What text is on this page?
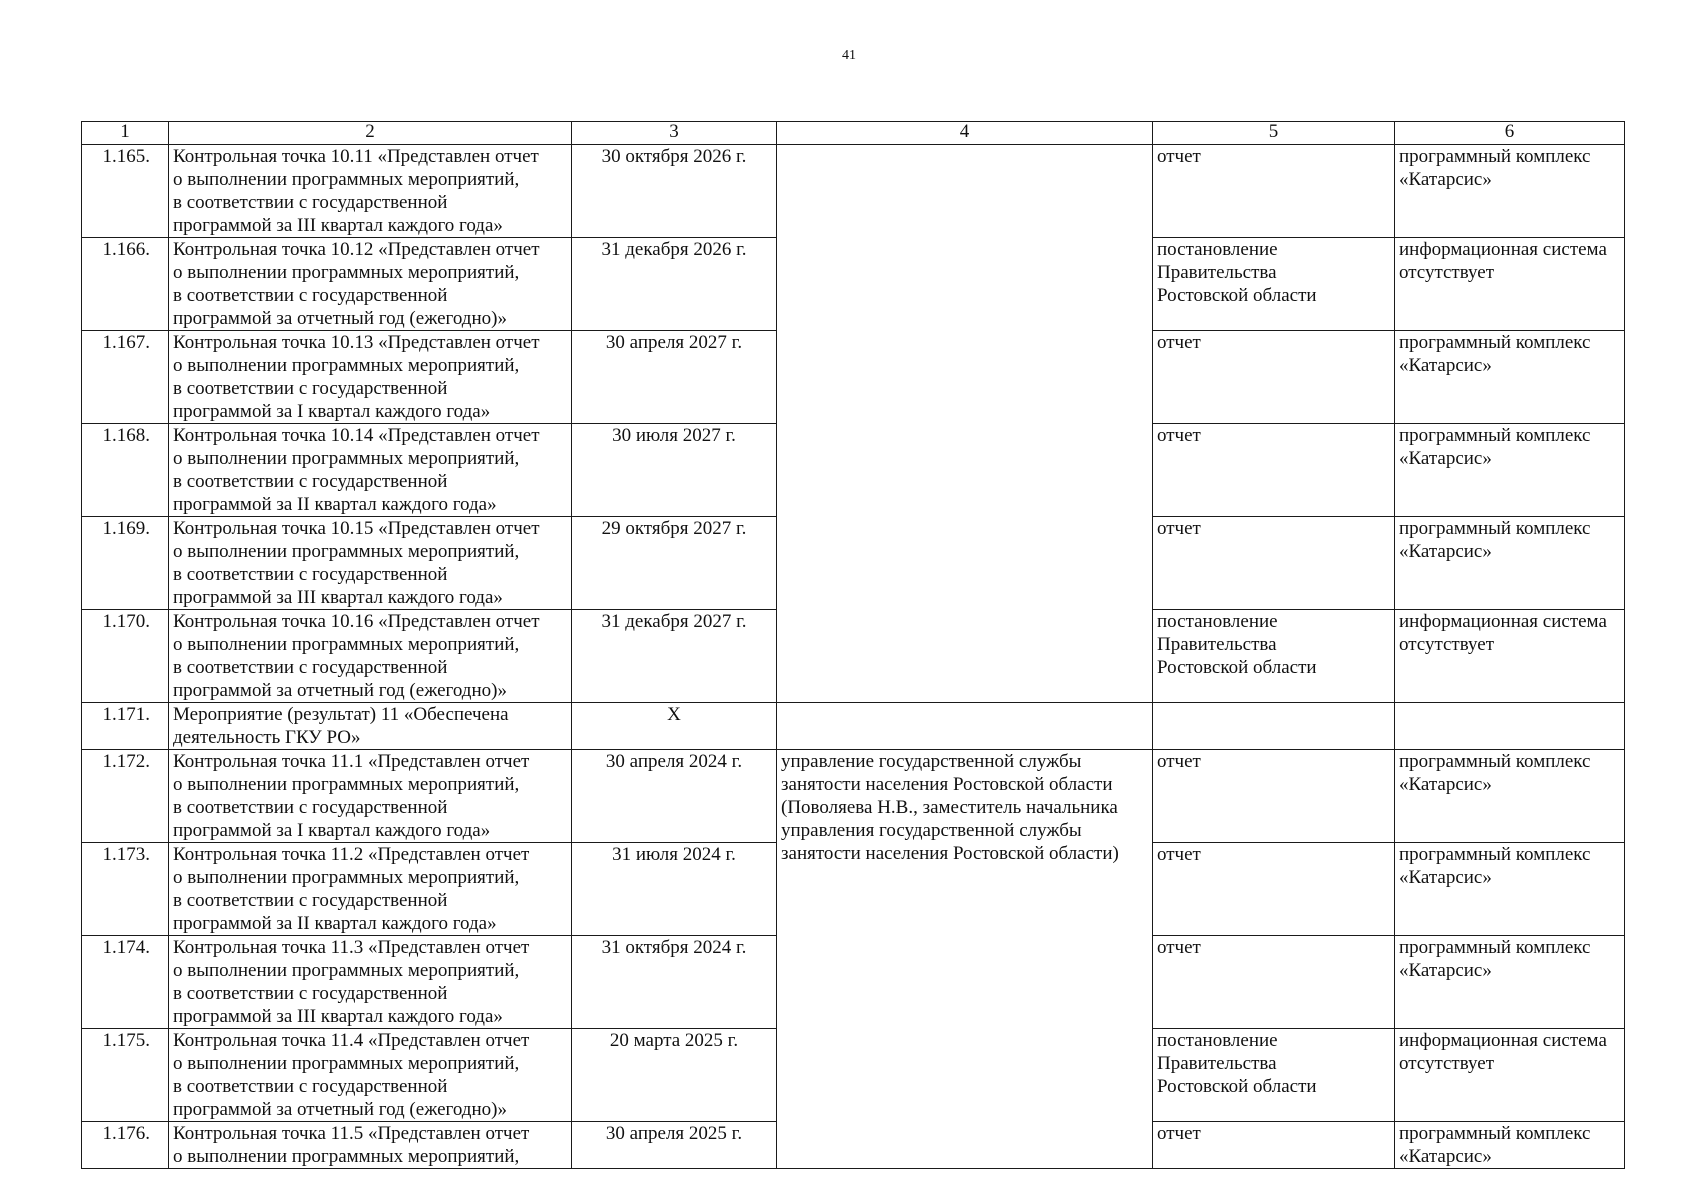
41
1	2	3	4	5	6
1.165.	Контрольная точка 10.11 «Представлен отчет
о выполнении программных мероприятий,
в соответствии с государственной
программой за III квартал каждого года»	30 октября 2026 г.		отчет	программный комплекс
«Катарсис»
1.166.	Контрольная точка 10.12 «Представлен отчет
о выполнении программных мероприятий,
в соответствии с государственной
программой за отчетный год (ежегодно)»	31 декабря 2026 г.		постановление
Правительства
Ростовской области	информационная система
отсутствует
1.167.	Контрольная точка 10.13 «Представлен отчет
о выполнении программных мероприятий,
в соответствии с государственной
программой за I квартал каждого года»	30 апреля 2027 г.		отчет	программный комплекс
«Катарсис»
1.168.	Контрольная точка 10.14 «Представлен отчет
о выполнении программных мероприятий,
в соответствии с государственной
программой за II квартал каждого года»	30 июля 2027 г.		отчет	программный комплекс
«Катарсис»
1.169.	Контрольная точка 10.15 «Представлен отчет
о выполнении программных мероприятий,
в соответствии с государственной
программой за III квартал каждого года»	29 октября 2027 г.		отчет	программный комплекс
«Катарсис»
1.170.	Контрольная точка 10.16 «Представлен отчет
о выполнении программных мероприятий,
в соответствии с государственной
программой за отчетный год (ежегодно)»	31 декабря 2027 г.		постановление
Правительства
Ростовской области	информационная система
отсутствует
1.171.	Мероприятие (результат) 11 «Обеспечена
деятельность ГКУ РО»	X			
1.172.	Контрольная точка 11.1 «Представлен отчет
о выполнении программных мероприятий,
в соответствии с государственной
программой за I квартал каждого года»	30 апреля 2024 г.	управление государственной службы занятости населения Ростовской области (Поволяева Н.В., заместитель начальника управления государственной службы занятости населения Ростовской области)	отчет	программный комплекс
«Катарсис»
1.173.	Контрольная точка 11.2 «Представлен отчет
о выполнении программных мероприятий,
в соответствии с государственной
программой за II квартал каждого года»	31 июля 2024 г.		отчет	программный комплекс
«Катарсис»
1.174.	Контрольная точка 11.3 «Представлен отчет
о выполнении программных мероприятий,
в соответствии с государственной
программой за III квартал каждого года»	31 октября 2024 г.		отчет	программный комплекс
«Катарсис»
1.175.	Контрольная точка 11.4 «Представлен отчет
о выполнении программных мероприятий,
в соответствии с государственной
программой за отчетный год (ежегодно)»	20 марта 2025 г.		постановление
Правительства
Ростовской области	информационная система
отсутствует
1.176.	Контрольная точка 11.5 «Представлен отчет
о выполнении программных мероприятий,	30 апреля 2025 г.		отчет	программный комплекс
«Катарсис»
